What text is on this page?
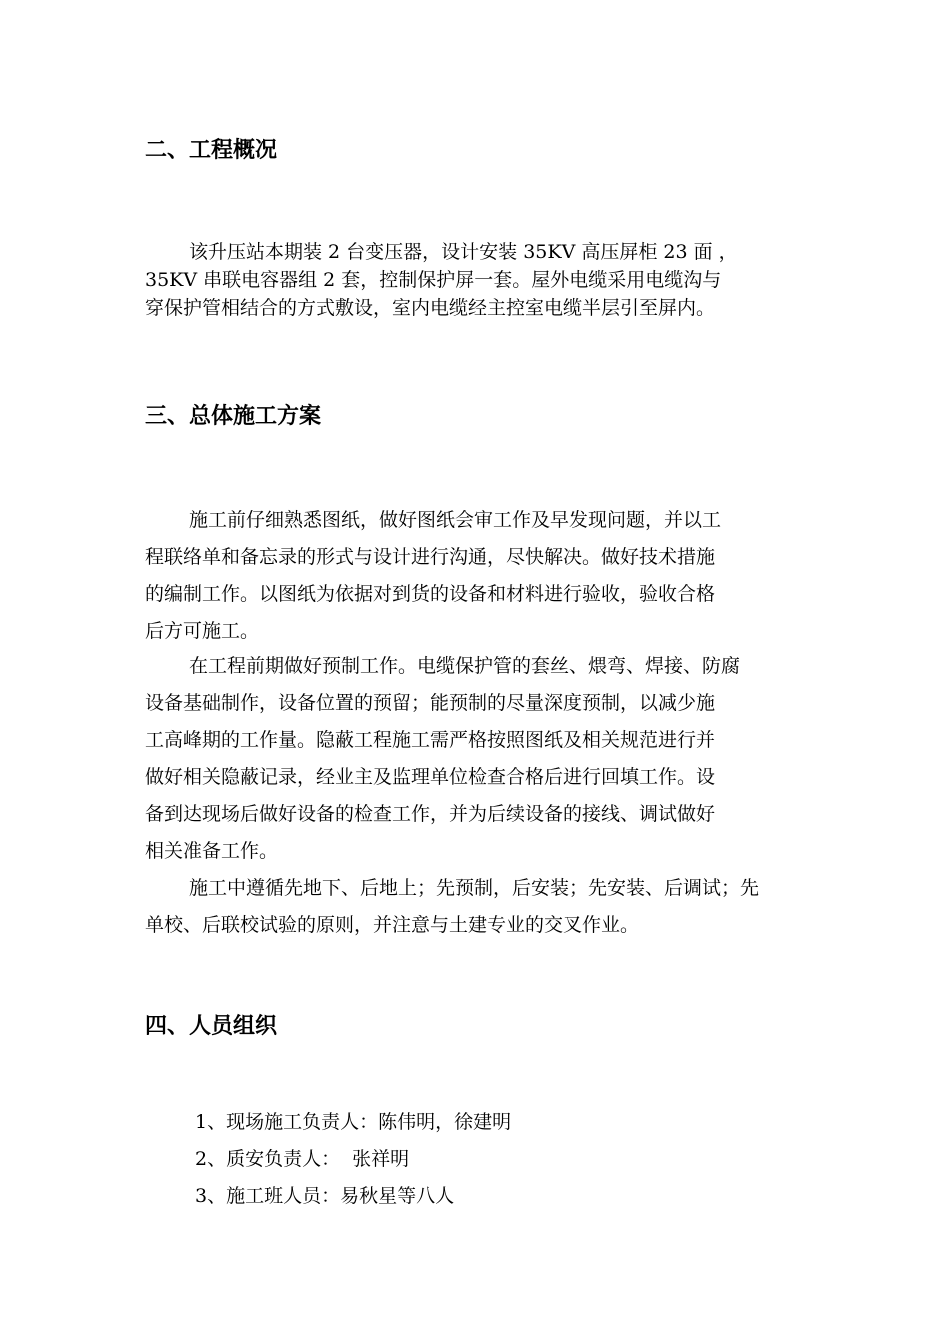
二、工程概况
该升压站本期装 2 台变压器，设计安装 35KV 高压屏柜 23 面 ，
35KV 串联电容器组 2 套，控制保护屏一套。屋外电缆采用电缆沟与
穿保护管相结合的方式敷设，室内电缆经主控室电缆半层引至屏内。
三、总体施工方案
施工前仔细熟悉图纸，做好图纸会审工作及早发现问题，并以工
程联络单和备忘录的形式与设计进行沟通，尽快解决。做好技术措施
的编制工作。以图纸为依据对到货的设备和材料进行验收，验收合格
后方可施工。
在工程前期做好预制工作。电缆保护管的套丝、煨弯、焊接、防腐
设备基础制作，设备位置的预留；能预制的尽量深度预制，以减少施
工高峰期的工作量。隐蔽工程施工需严格按照图纸及相关规范进行并
做好相关隐蔽记录，经业主及监理单位检查合格后进行回填工作。设
备到达现场后做好设备的检查工作，并为后续设备的接线、调试做好
相关准备工作。
施工中遵循先地下、后地上；先预制，后安装；先安装、后调试；先
单校、后联校试验的原则，并注意与土建专业的交叉作业。
四、人员组织
1、现场施工负责人：陈伟明，徐建明
2、质安负责人：  张祥明
3、施工班人员：易秋星等八人
